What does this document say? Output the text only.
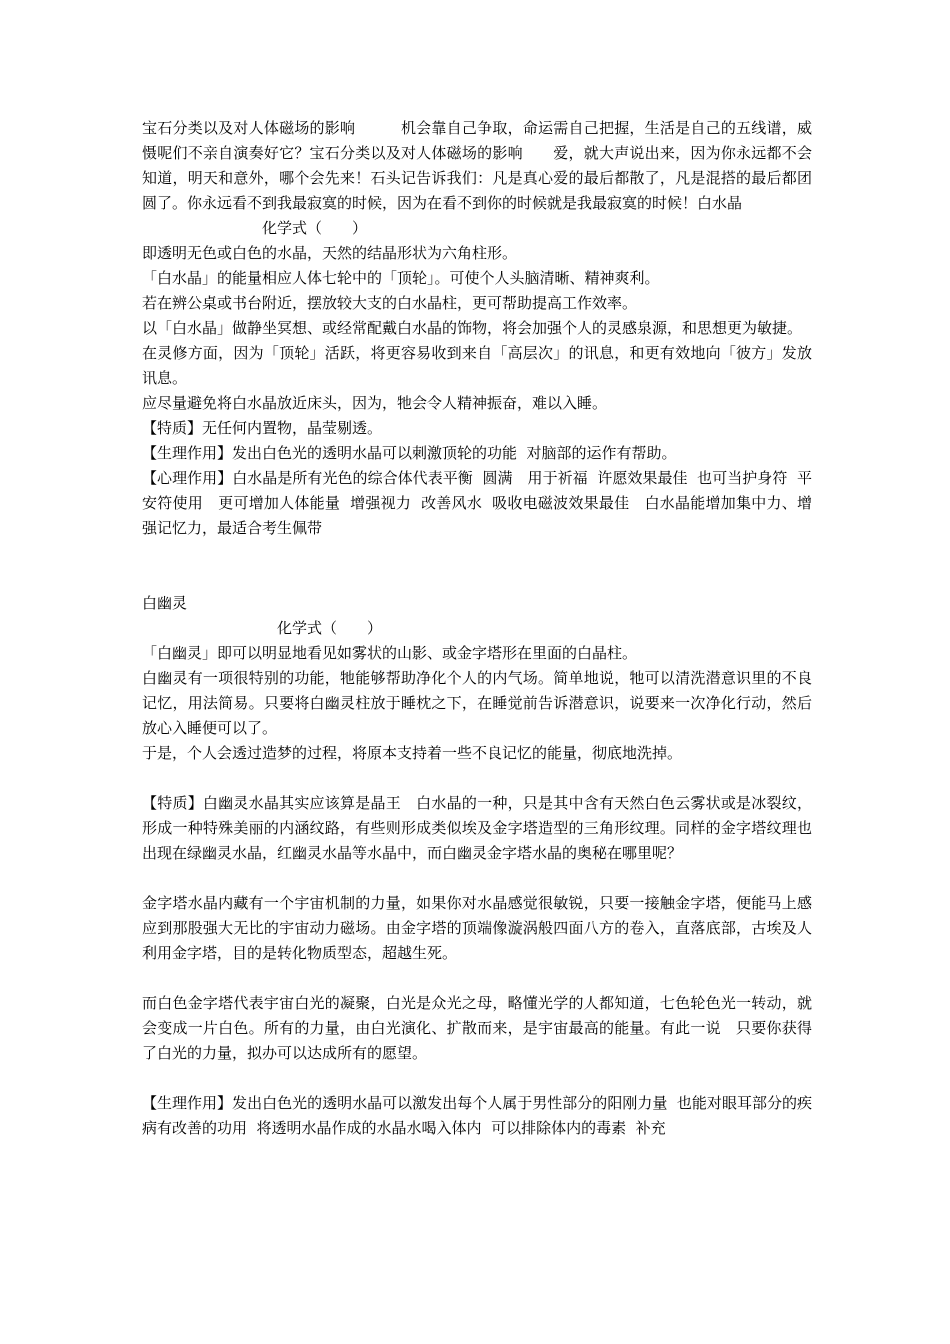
宝石分类以及对人体磁场的影响　　　机会靠自己争取，命运需自己把握，生活是自己的五线谱，威慑呢们不亲自演奏好它？宝石分类以及对人体磁场的影响　　爱，就大声说出来，因为你永远都不会知道，明天和意外，哪个会先来！石头记告诉我们：凡是真心爱的最后都散了，凡是混搭的最后都团圆了。你永远看不到我最寂寞的时候，因为在看不到你的时候就是我最寂寞的时候！白水晶

　　　　　　　　化学式（　　）

即透明无色或白色的水晶，天然的结晶形状为六角柱形。

「白水晶」的能量相应人体七轮中的「顶轮」。可使个人头脑清晰、精神爽利。

若在辨公桌或书台附近，摆放较大支的白水晶柱，更可帮助提高工作效率。

以「白水晶」做静坐冥想、或经常配戴白水晶的饰物，将会加强个人的灵感泉源，和思想更为敏捷。

在灵修方面，因为「顶轮」活跃，将更容易收到来自「高层次」的讯息，和更有效地向「彼方」发放讯息。

应尽量避免将白水晶放近床头，因为，牠会令人精神振奋，难以入睡。

【特质】无任何内置物，晶莹剔透。

【生理作用】发出白色光的透明水晶可以刺激顶轮的功能  对脑部的运作有帮助。

【心理作用】白水晶是所有光色的综合体代表平衡  圆满　用于祈福  许愿效果最佳  也可当护身符  平安符使用　更可增加人体能量  增强视力  改善风水  吸收电磁波效果最佳　白水晶能增加集中力、增强记忆力，最适合考生佩带

白幽灵

　　　　　　　　　化学式（　　）

「白幽灵」即可以明显地看见如雾状的山影、或金字塔形在里面的白晶柱。

白幽灵有一项很特别的功能，牠能够帮助净化个人的内气场。简单地说，牠可以清洗潜意识里的不良记忆，用法简易。只要将白幽灵柱放于睡枕之下，在睡觉前告诉潜意识，说要来一次净化行动，然后放心入睡便可以了。

于是，个人会透过造梦的过程，将原本支持着一些不良记忆的能量，彻底地洗掉。

【特质】白幽灵水晶其实应该算是晶王　白水晶的一种，只是其中含有天然白色云雾状或是冰裂纹，形成一种特殊美丽的内涵纹路，有些则形成类似埃及金字塔造型的三角形纹理。同样的金字塔纹理也出现在绿幽灵水晶，红幽灵水晶等水晶中，而白幽灵金字塔水晶的奥秘在哪里呢？

金字塔水晶内藏有一个宇宙机制的力量，如果你对水晶感觉很敏锐，只要一接触金字塔，便能马上感应到那股强大无比的宇宙动力磁场。由金字塔的顶端像漩涡般四面八方的卷入，直落底部，古埃及人利用金字塔，目的是转化物质型态，超越生死。

而白色金字塔代表宇宙白光的凝聚，白光是众光之母，略懂光学的人都知道，七色轮色光一转动，就会变成一片白色。所有的力量，由白光演化、扩散而来，是宇宙最高的能量。有此一说　只要你获得了白光的力量，拟办可以达成所有的愿望。

【生理作用】发出白色光的透明水晶可以激发出每个人属于男性部分的阳刚力量  也能对眼耳部分的疾病有改善的功用  将透明水晶作成的水晶水喝入体内  可以排除体内的毒素  补充
